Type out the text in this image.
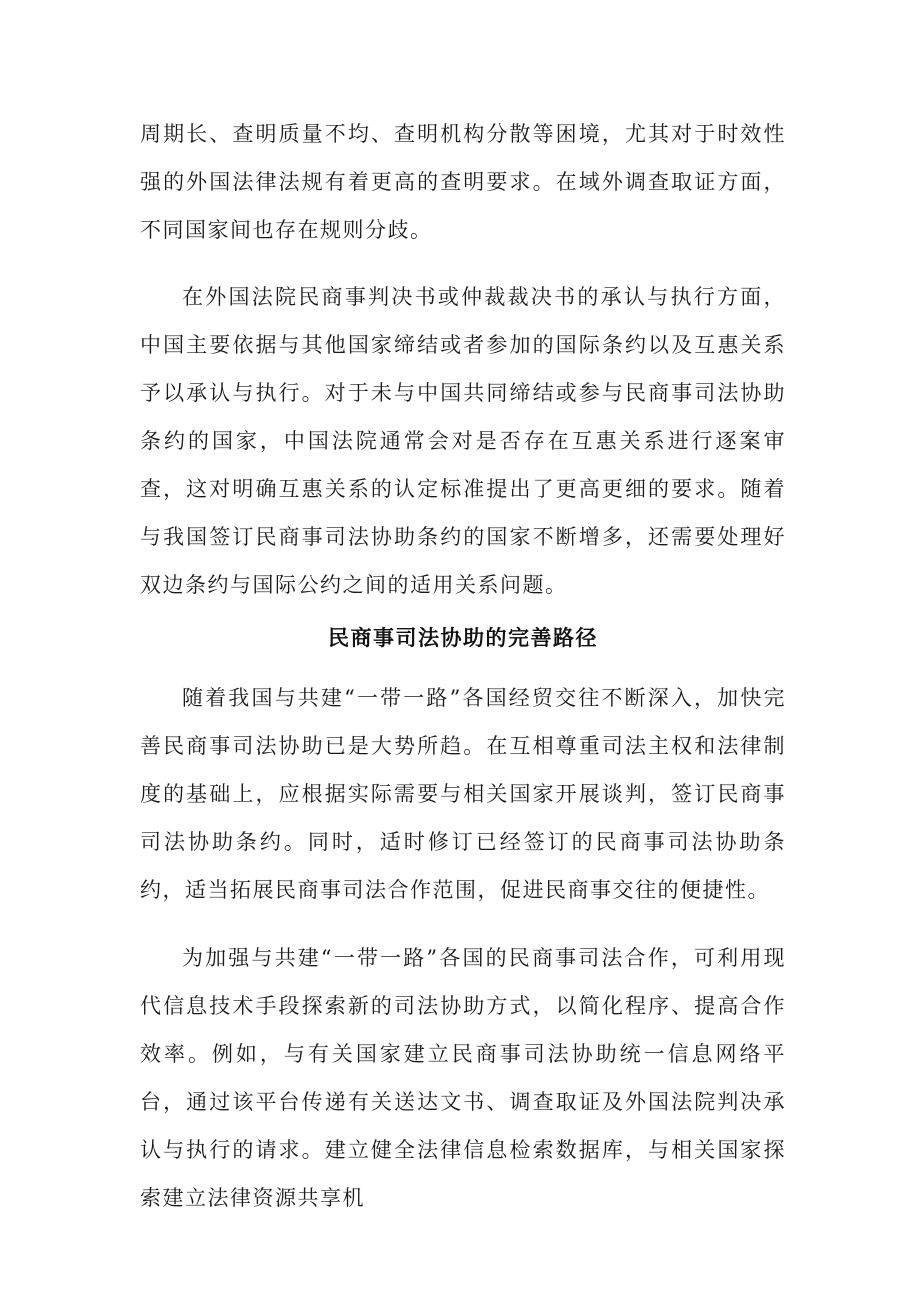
周期长、查明质量不均、查明机构分散等困境，尤其对于时效性强的外国法律法规有着更高的查明要求。在域外调查取证方面，不同国家间也存在规则分歧。

在外国法院民商事判决书或仲裁裁决书的承认与执行方面，中国主要依据与其他国家缔结或者参加的国际条约以及互惠关系予以承认与执行。对于未与中国共同缔结或参与民商事司法协助条约的国家，中国法院通常会对是否存在互惠关系进行逐案审查，这对明确互惠关系的认定标准提出了更高更细的要求。随着与我国签订民商事司法协助条约的国家不断增多，还需要处理好双边条约与国际公约之间的适用关系问题。

民商事司法协助的完善路径

随着我国与共建“一带一路”各国经贸交往不断深入，加快完善民商事司法协助已是大势所趋。在互相尊重司法主权和法律制度的基础上，应根据实际需要与相关国家开展谈判，签订民商事司法协助条约。同时，适时修订已经签订的民商事司法协助条约，适当拓展民商事司法合作范围，促进民商事交往的便捷性。

为加强与共建“一带一路”各国的民商事司法合作，可利用现代信息技术手段探索新的司法协助方式，以简化程序、提高合作效率。例如，与有关国家建立民商事司法协助统一信息网络平台，通过该平台传递有关送达文书、调查取证及外国法院判决承认与执行的请求。建立健全法律信息检索数据库，与相关国家探索建立法律资源共享机
